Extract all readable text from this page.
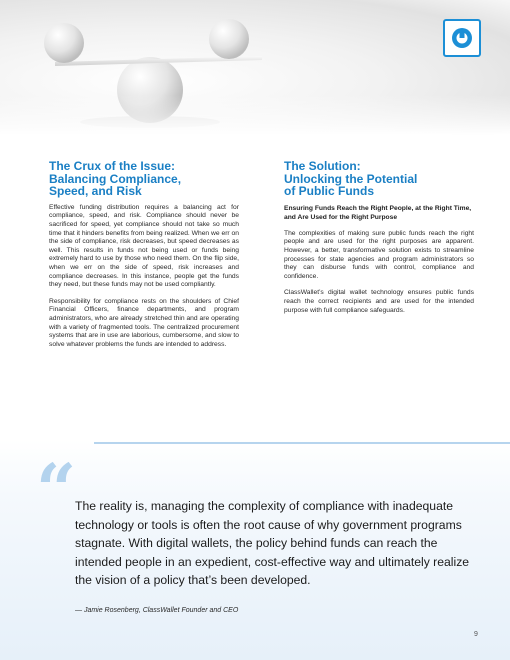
The Crux of the Issue:
Balancing Compliance,
Speed, and Risk

Effective funding distribution requires a balancing act for compliance, speed, and risk. Compliance should never be sacrificed for speed, yet compliance should not take so much time that it hinders benefits from being realized. When we err on the side of compliance, risk decreases, but speed decreases as well. This results in funds not being used or funds being extremely hard to use by those who need them. On the flip side, when we err on the side of speed, risk increases and compliance decreases. In this instance, people get the funds they need, but these funds may not be used compliantly.

Responsibility for compliance rests on the shoulders of Chief Financial Officers, finance departments, and program administrators, who are already stretched thin and are operating with a variety of fragmented tools. The centralized procurement systems that are in use are laborious, cumbersome, and slow to solve whatever problems the funds are intended to address.

The Solution:
Unlocking the Potential
of Public Funds

Ensuring Funds Reach the Right People, at the Right Time, and Are Used for the Right Purpose

The complexities of making sure public funds reach the right people and are used for the right purposes are apparent. However, a better, transformative solution exists to streamline processes for state agencies and program administrators so they can disburse funds with control, compliance and confidence.

ClassWallet’s digital wallet technology ensures public funds reach the correct recipients and are used for the intended purpose with full compliance safeguards.

“

The reality is, managing the complexity of compliance with inadequate technology or tools is often the root cause of why government programs stagnate. With digital wallets, the policy behind funds can reach the intended people in an expedient, cost-effective way and ultimately realize the vision of a policy that’s been developed.

— Jamie Rosenberg, ClassWallet Founder and CEO

9
